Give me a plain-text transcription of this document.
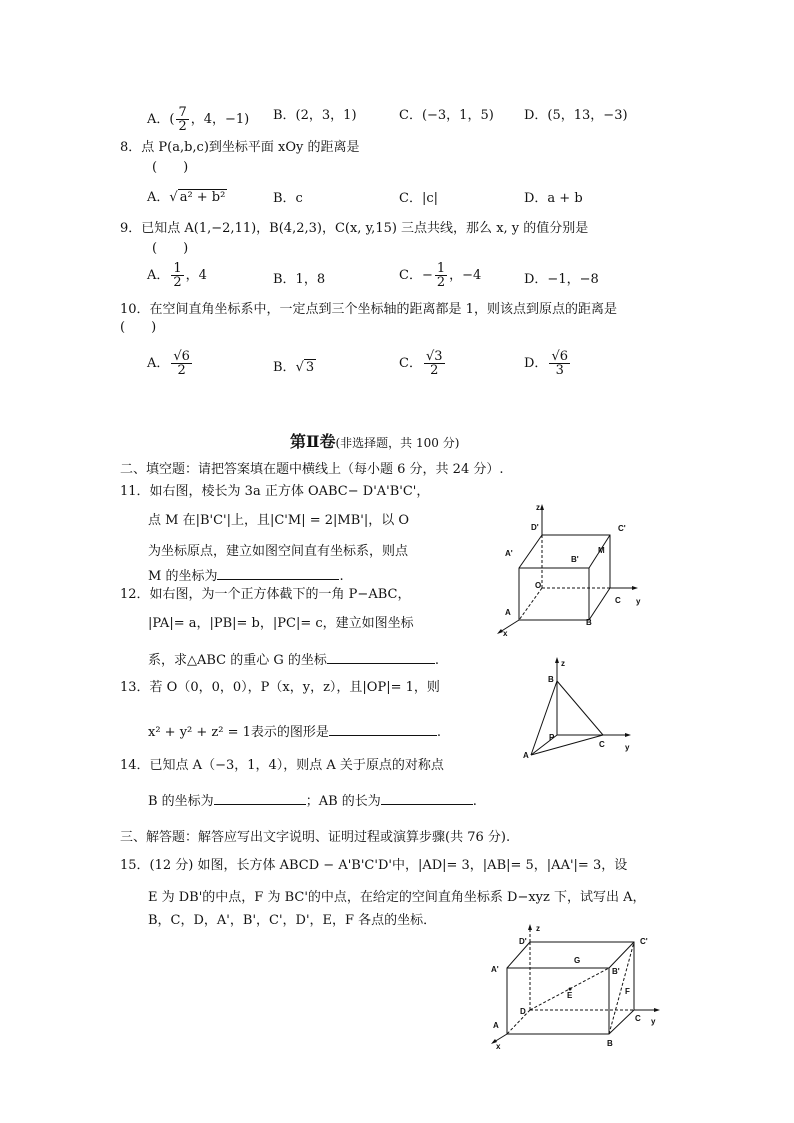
A．( $\frac{7}{2}$ ，4，−1) B．(2，3，1)	C．(−3，1，5) D．(5，13，−3)
8．点 P(a,b,c)到坐标平面 xOy 的距离是
(　　)
A．√ a² + b²	B．c	C．|c|	D．a + b
9．已知点 A(1,−2,11)，B(4,2,3)，C(x, y,15) 三点共线，那么 x, y 的值分别是
(　　)
A． $\frac{1}{2}$ ，4	B．1，8	C．− $\frac{1}{2}$ ，−4	D．−1，−8
10．在空间直角坐标系中，一定点到三个坐标轴的距离都是 1，则该点到原点的距离是
(　　)
A． $\frac{√6}{2}$	B．√ 3	C． $\frac{√3}{2}$	D． $\frac{√6}{3}$
第Ⅱ卷(非选择题，共 100 分)
二、填空题：请把答案填在题中横线上（每小题 6 分，共 24 分）.
11．如右图，棱长为 3a 正方体 OABC− D'A'B'C'，
点 M 在|B'C'|上，且|C'M| = 2|MB'|，以 O
为坐标原点，建立如图空间直有坐标系，则点
M 的坐标为	.
12．如右图，为一个正方体截下的一角 P−ABC，
|PA|= a，|PB|= b，|PC|= c，建立如图坐标
系，求△ABC 的重心 G 的坐标	.
13．若 O（0，0，0），P（x，y，z），且|OP|= 1，则
x² + y² + z² = 1表示的图形是	.
14．已知点 A（−3，1，4），则点 A 关于原点的对称点
B 的坐标为	；AB 的长为	.
三、解答题：解答应写出文字说明、证明过程或演算步骤(共 76 分).
15．(12 分) 如图，长方体 ABCD − A'B'C'D'中，|AD|= 3，|AB|= 5，|AA'|= 3，设
E 为 DB'的中点，F 为 BC'的中点，在给定的空间直角坐标系 D−xyz 下，试写出 A，
B，C，D，A'，B'，C'，D'，E，F 各点的坐标．
z
y
x
D'	C'
A'
B'
M
O
A
C
B
z
y
B
P
C
A
z
y
x
D'	C'
A'
G
B'
F
E
D
A
C
B
